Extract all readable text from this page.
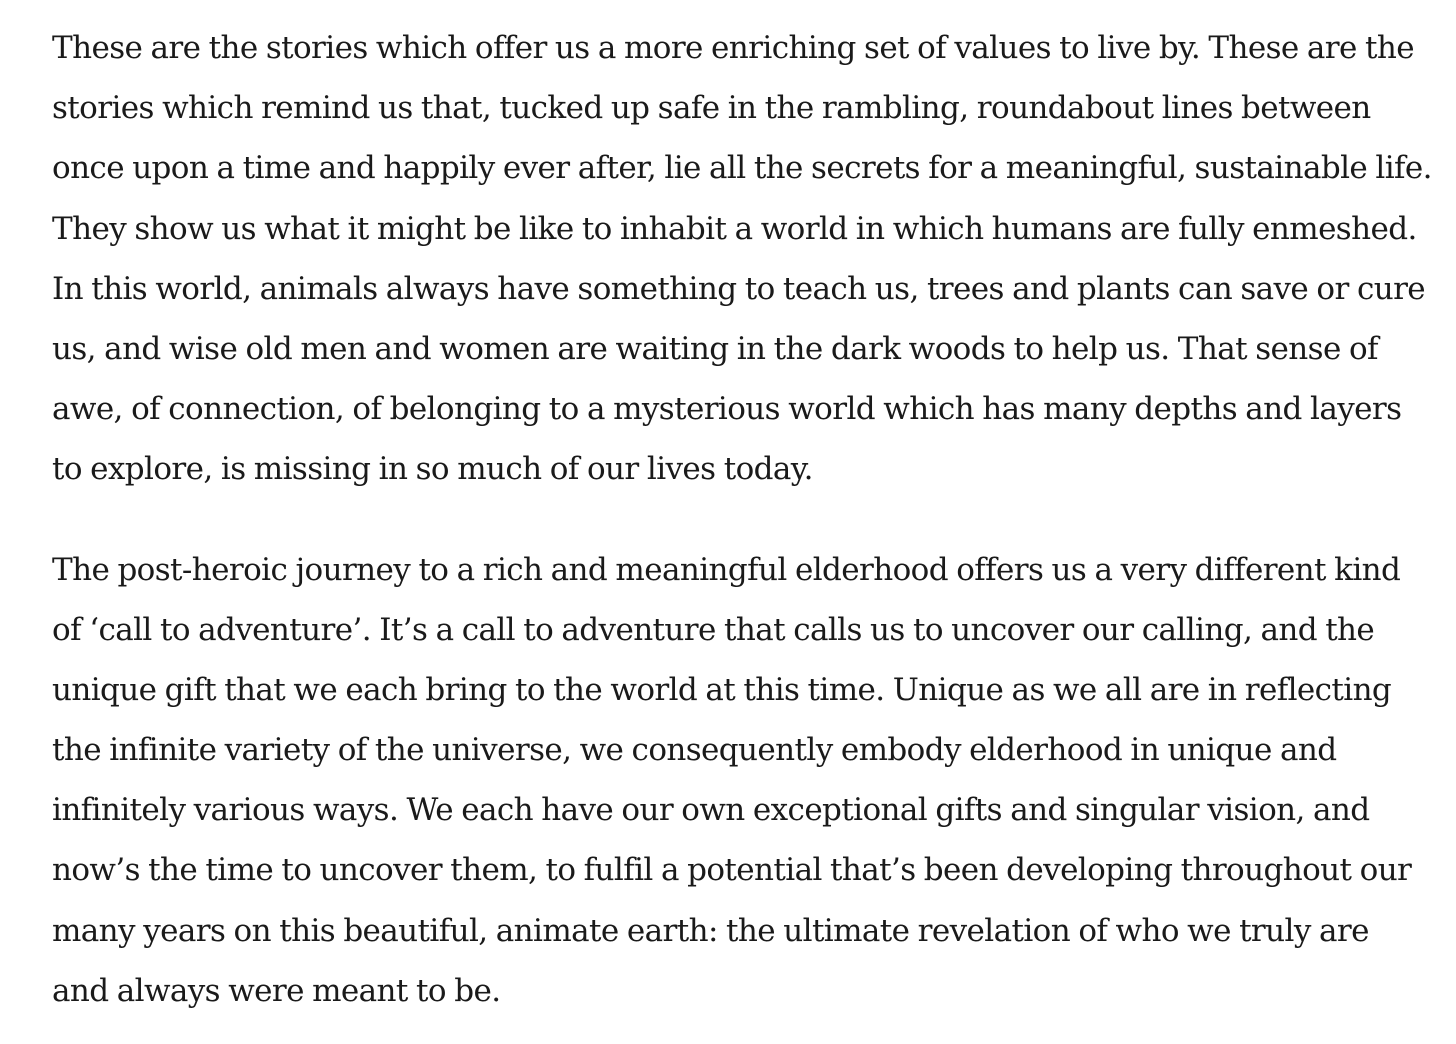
These are the stories which offer us a more enriching set of values to live by. These are the
stories which remind us that, tucked up safe in the rambling, roundabout lines between
once upon a time and happily ever after, lie all the secrets for a meaningful, sustainable life.
They show us what it might be like to inhabit a world in which humans are fully enmeshed.
In this world, animals always have something to teach us, trees and plants can save or cure
us, and wise old men and women are waiting in the dark woods to help us. That sense of
awe, of connection, of belonging to a mysterious world which has many depths and layers
to explore, is missing in so much of our lives today.
The post-heroic journey to a rich and meaningful elderhood offers us a very different kind
of ‘call to adventure’. It’s a call to adventure that calls us to uncover our calling, and the
unique gift that we each bring to the world at this time. Unique as we all are in reflecting
the infinite variety of the universe, we consequently embody elderhood in unique and
infinitely various ways. We each have our own exceptional gifts and singular vision, and
now’s the time to uncover them, to fulfil a potential that’s been developing throughout our
many years on this beautiful, animate earth: the ultimate revelation of who we truly are
and always were meant to be.
